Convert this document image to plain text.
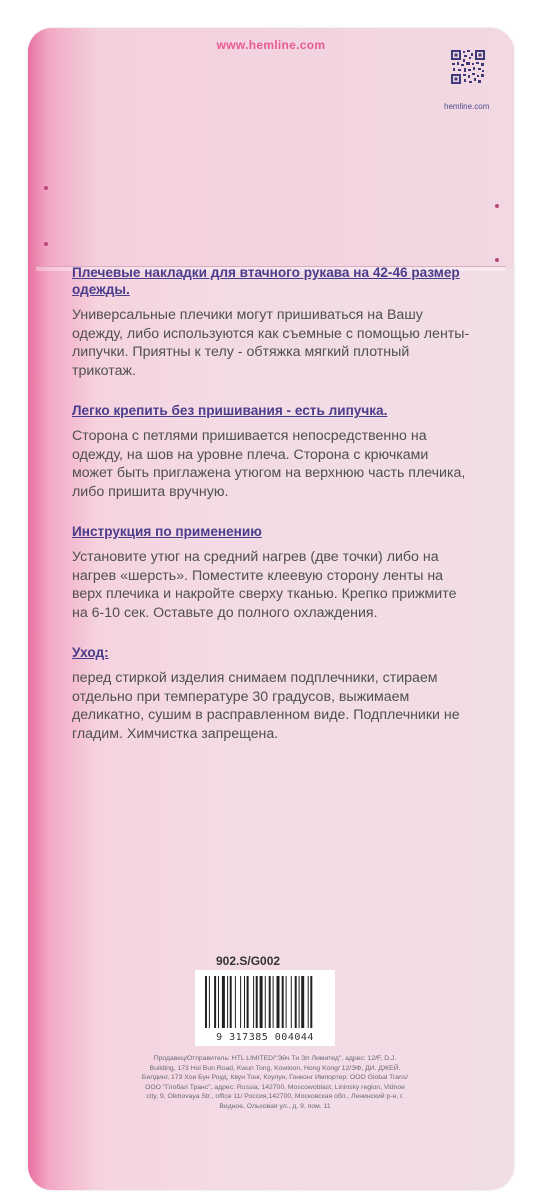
www.hemline.com
hemline.com
Плечевые накладки для втачного рукава на 42-46 размер одежды.
Универсальные плечики могут пришиваться на Вашу одежду, либо используются как съемные с помощью ленты-липучки. Приятны к телу - обтяжка мягкий плотный трикотаж.
Легко крепить без пришивания - есть липучка.
Сторона с петлями пришивается непосредственно на одежду, на шов на уровне плеча. Сторона с крючками может быть приглажена утюгом на верхнюю часть плечика, либо пришита вручную.
Инструкция по применению
Установите утюг на средний нагрев (две точки) либо на нагрев «шерсть». Поместите клеевую сторону ленты на верх плечика и накройте сверху тканью. Крепко прижмите на 6-10 сек. Оставьте до полного охлаждения.
Уход:
перед стиркой изделия снимаем подплечники, стираем отдельно при температуре 30 градусов, выжимаем деликатно, сушим в расправленном виде. Подплечники не гладим. Химчистка запрещена.
902.S/G002
9 317385 004044
Продавец/Отправитель: HTL LIMITED/"Эйч Ти Эл Лимитед", адрес: 12/F, D.J. Building, 173 Hoi Bun Road, Kwun Tong, Kowloon, Hong Kong/ 12/ЭФ, ДИ. ДЖЕЙ. Билдинг, 173 Хои Бун Роуд, Квун Тонг, Коулун, Гонконг Импортер: ООО Global Trans/ ООО "Глобал Транс", адрес: Russia, 142700, Moscowoblast, Lininsky region, Vidnoe city, 9, Olkhovaya Str., office 11/ Россия,142700, Московская обл., Ленинский р-н, г. Видное, Ольховая ул., д. 9, пом. 11
